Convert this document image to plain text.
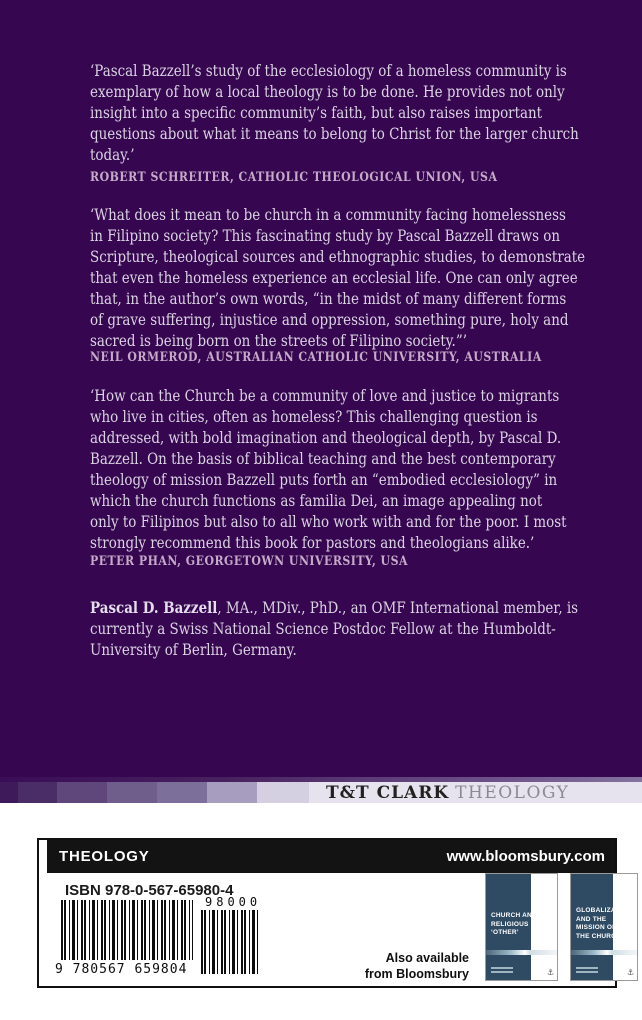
‘Pascal Bazzell’s study of the ecclesiology of a homeless community is
exemplary of how a local theology is to be done. He provides not only
insight into a specific community’s faith, but also raises important
questions about what it means to belong to Christ for the larger church
today.’
ROBERT SCHREITER, CATHOLIC THEOLOGICAL UNION, USA
‘What does it mean to be church in a community facing homelessness
in Filipino society? This fascinating study by Pascal Bazzell draws on
Scripture, theological sources and ethnographic studies, to demonstrate
that even the homeless experience an ecclesial life. One can only agree
that, in the author’s own words, “in the midst of many different forms
of grave suffering, injustice and oppression, something pure, holy and
sacred is being born on the streets of Filipino society.”’
NEIL ORMEROD, AUSTRALIAN CATHOLIC UNIVERSITY, AUSTRALIA
‘How can the Church be a community of love and justice to migrants
who live in cities, often as homeless? This challenging question is
addressed, with bold imagination and theological depth, by Pascal D.
Bazzell. On the basis of biblical teaching and the best contemporary
theology of mission Bazzell puts forth an “embodied ecclesiology” in
which the church functions as familia Dei, an image appealing not
only to Filipinos but also to all who work with and for the poor. I most
strongly recommend this book for pastors and theologians alike.’
PETER PHAN, GEORGETOWN UNIVERSITY, USA
Pascal D. Bazzell, MA., MDiv., PhD., an OMF International member, is
currently a Swiss National Science Postdoc Fellow at the Humboldt-
University of Berlin, Germany.
T&T CLARK THEOLOGY
THEOLOGY	www.bloomsbury.com
ISBN 978-0-567-65980-4
9 780567 659804
98000
Also available
from Bloomsbury
CHURCH AND
RELIGIOUS
‘OTHER’
⚓
GLOBALIZATION
AND THE
MISSION OF
THE CHURCH
⚓
